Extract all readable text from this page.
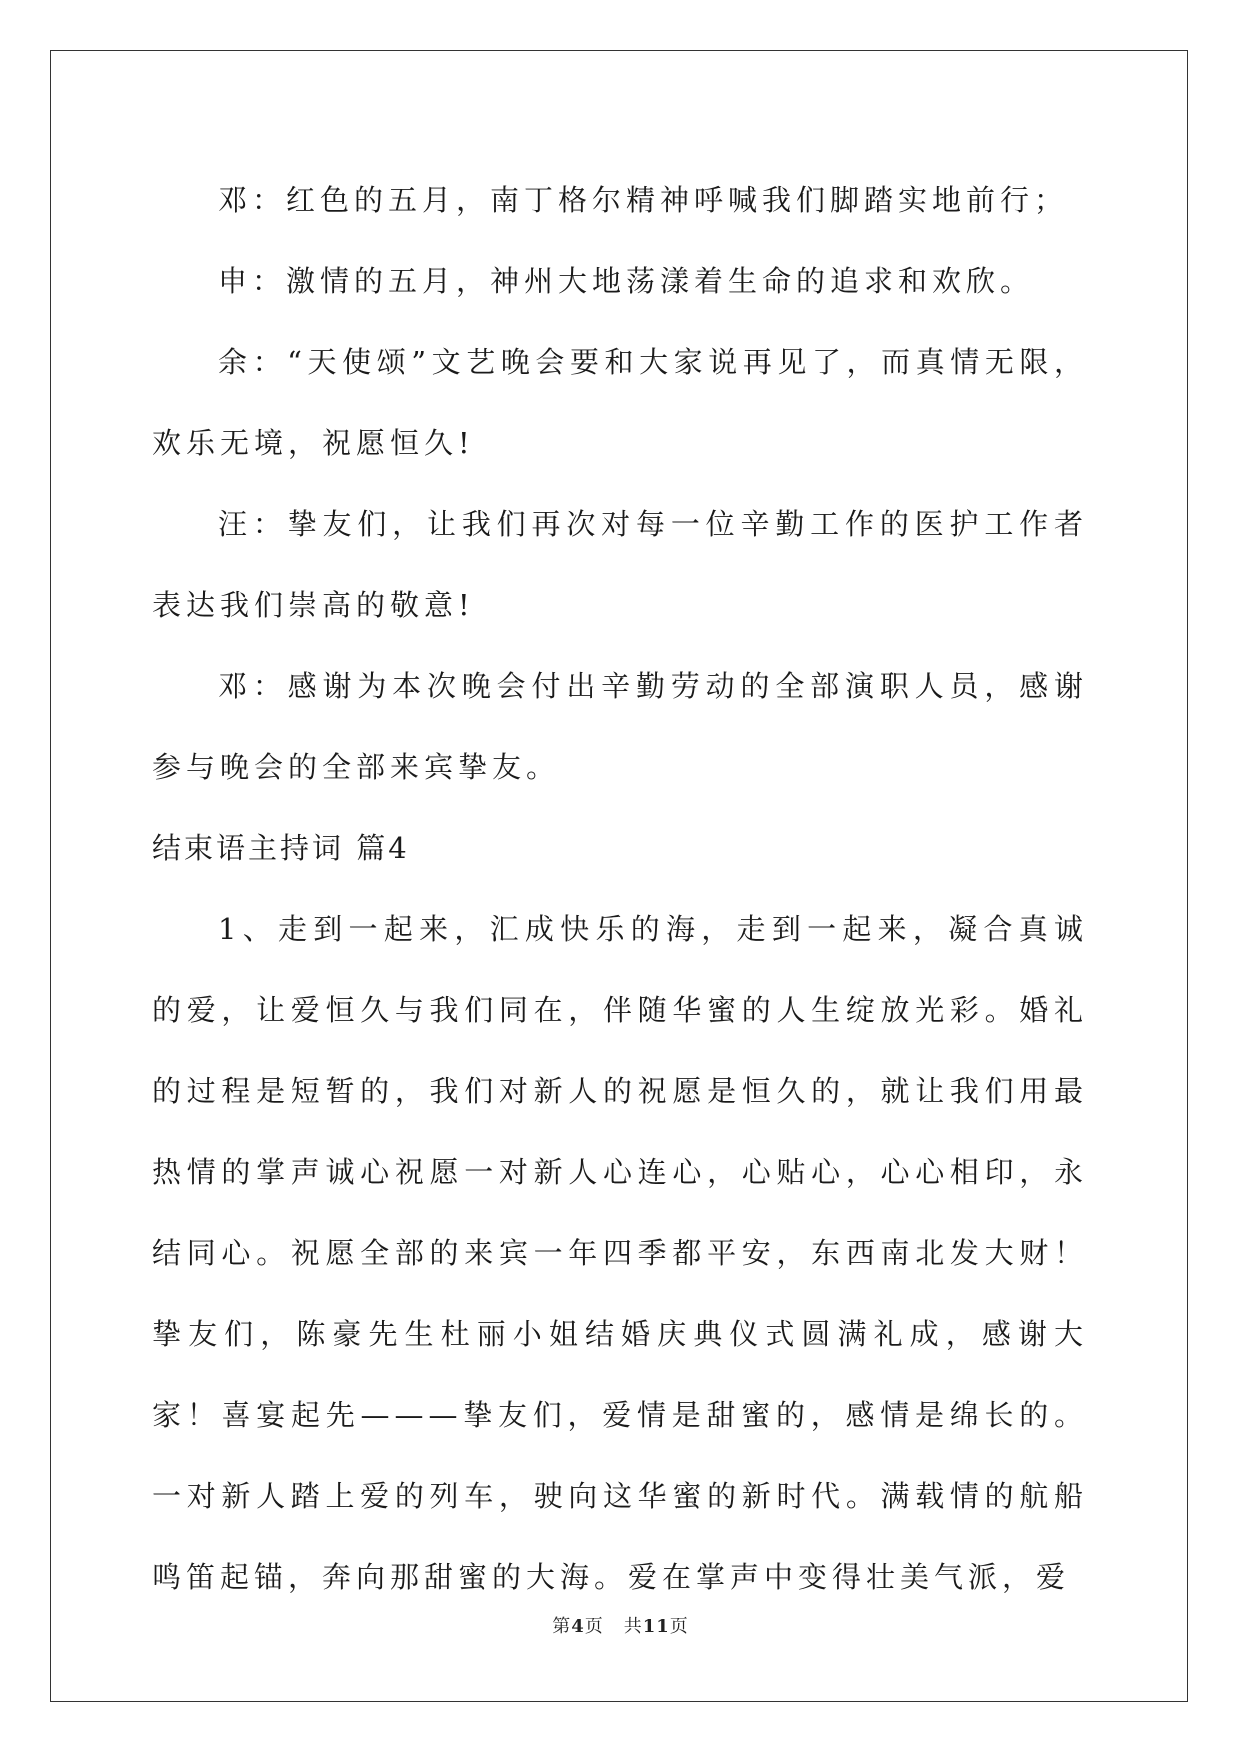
邓：红色的五月，南丁格尔精神呼喊我们脚踏实地前行；

申：激情的五月，神州大地荡漾着生命的追求和欢欣。

余：“天使颂”文艺晚会要和大家说再见了，而真情无限，欢乐无境，祝愿恒久!

汪：挚友们，让我们再次对每一位辛勤工作的医护工作者表达我们崇高的敬意!

邓：感谢为本次晚会付出辛勤劳动的全部演职人员，感谢参与晚会的全部来宾挚友。

结束语主持词 篇4

1、走到一起来，汇成快乐的海，走到一起来，凝合真诚的爱，让爱恒久与我们同在，伴随华蜜的人生绽放光彩。婚礼的过程是短暂的，我们对新人的祝愿是恒久的，就让我们用最热情的掌声诚心祝愿一对新人心连心，心贴心，心心相印，永结同心。祝愿全部的来宾一年四季都平安，东西南北发大财！挚友们，陈豪先生杜丽小姐结婚庆典仪式圆满礼成，感谢大家！喜宴起先———挚友们，爱情是甜蜜的，感情是绵长的。一对新人踏上爱的列车，驶向这华蜜的新时代。满载情的航船鸣笛起锚，奔向那甜蜜的大海。爱在掌声中变得壮美气派，爱

第4页 共11页
